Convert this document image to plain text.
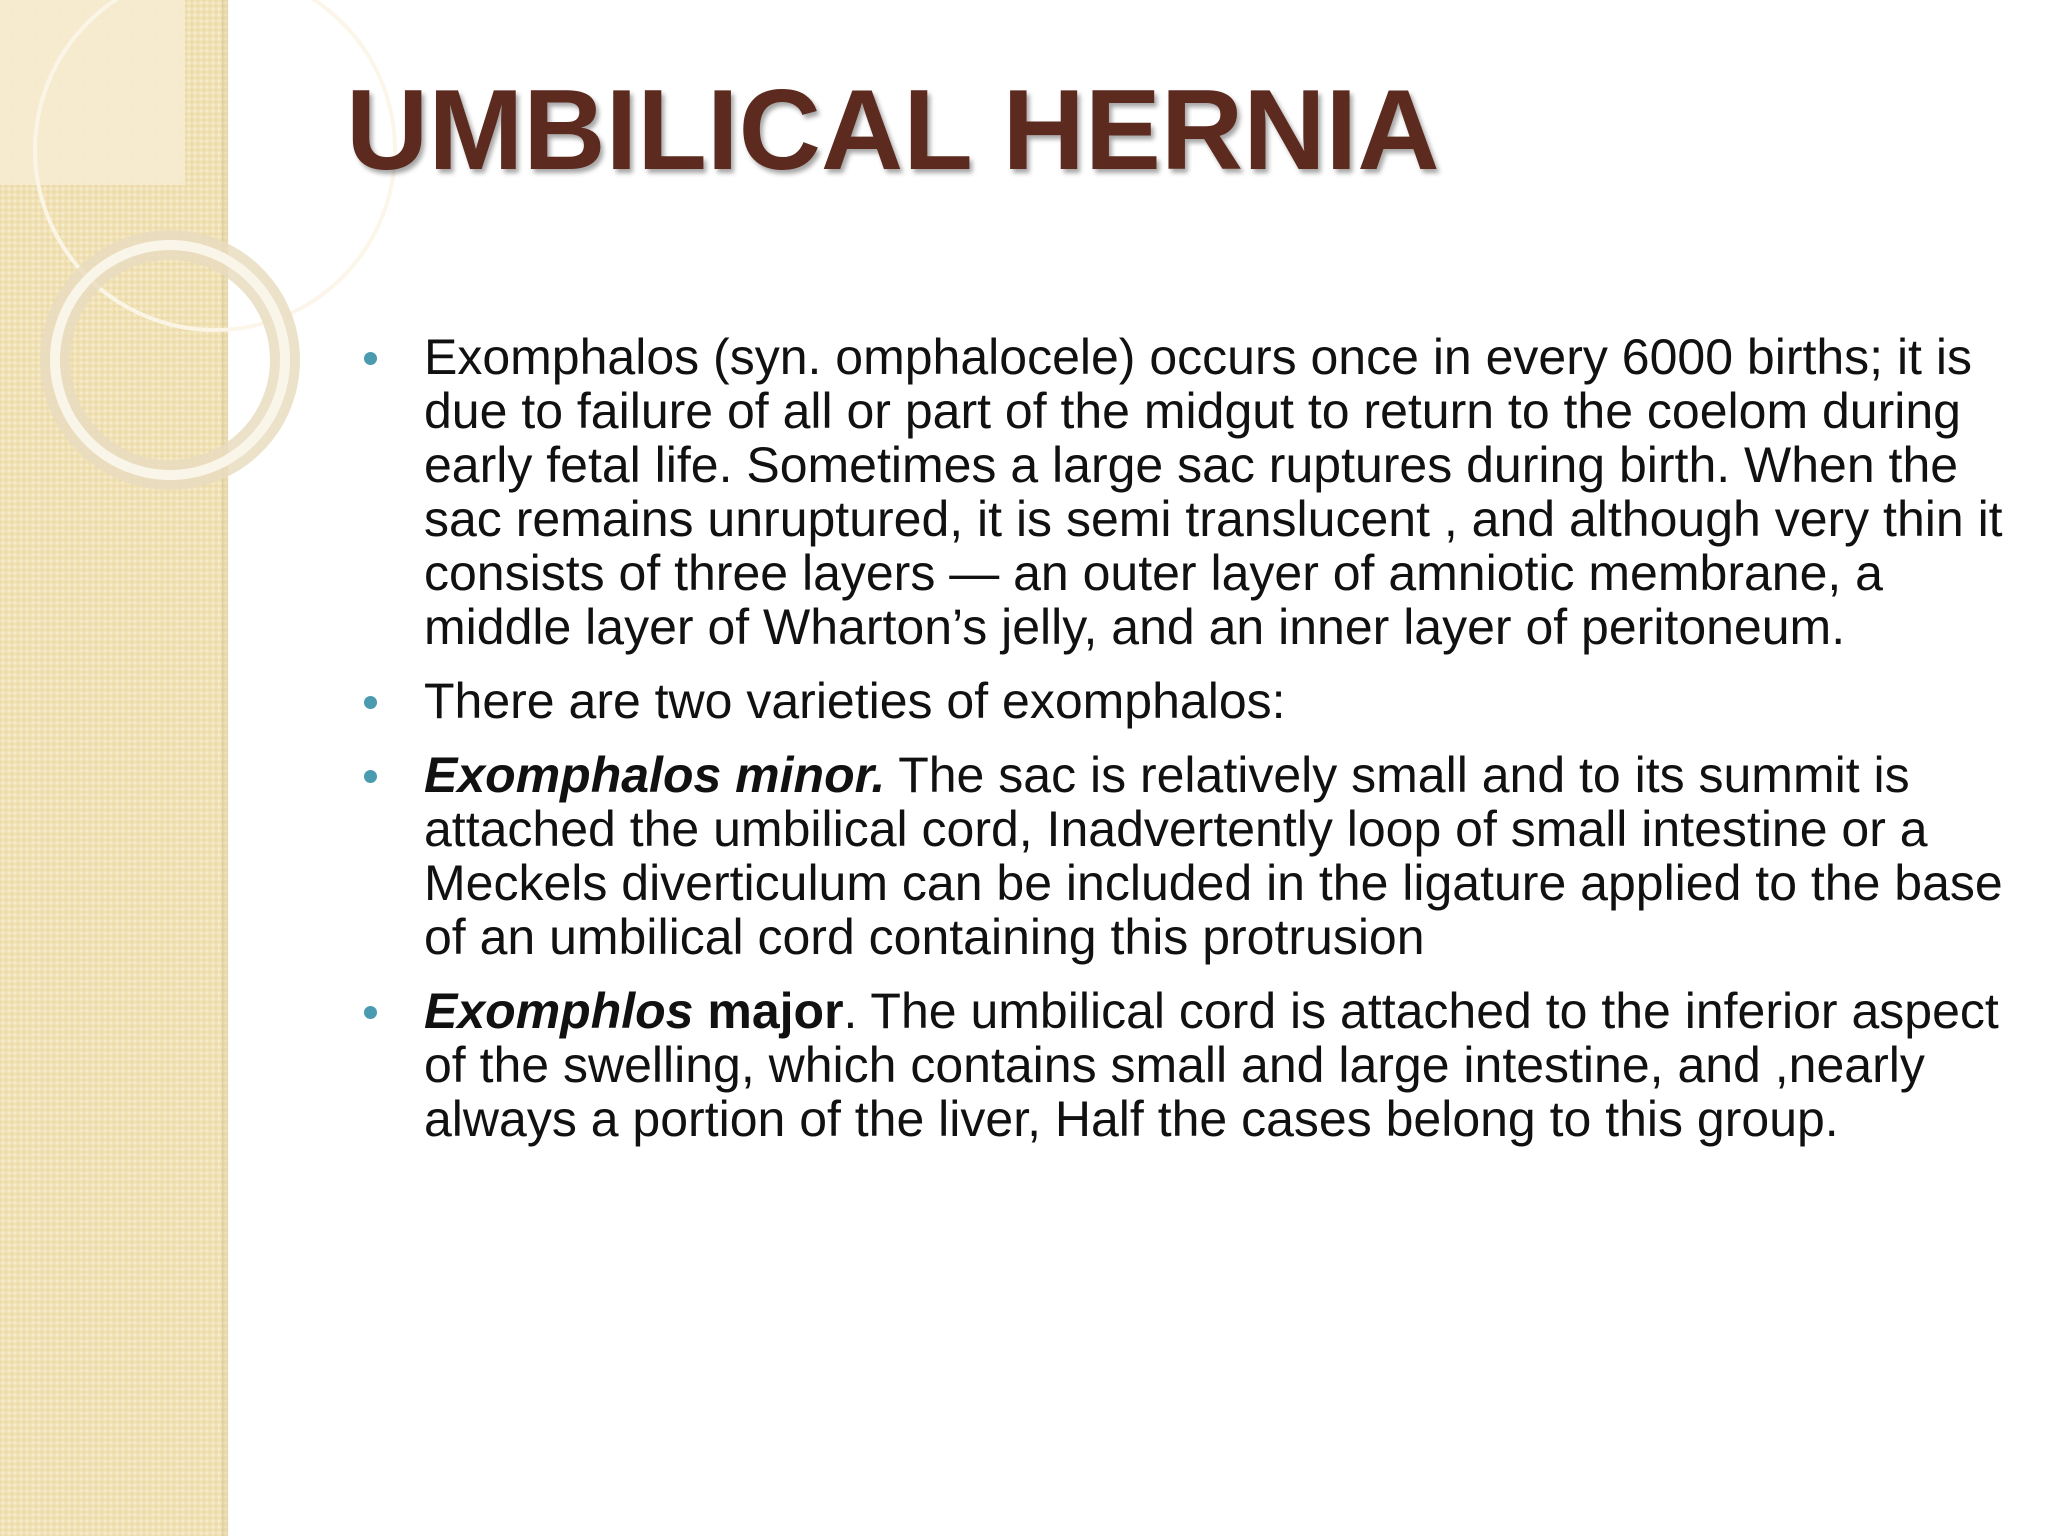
UMBILICAL HERNIA
Exomphalos (syn. omphalocele) occurs once in every 6000 births; it is due to failure of all or part of the midgut to return to the coelom during early fetal life. Sometimes a large sac ruptures during birth. When the sac remains unruptured, it is semi translucent , and although very thin it consists of three layers — an outer layer of amniotic membrane, a middle layer of Wharton’s jelly, and an inner layer of peritoneum.
There are two varieties of exomphalos:
Exomphalos minor. The sac is relatively small and to its summit is attached the umbilical cord, Inadvertently loop of small intestine or a Meckels diverticulum can be included in the ligature applied to the base of an umbilical cord containing this protrusion
Exomphlos major. The umbilical cord is attached to the inferior aspect of the swelling, which contains small and large intestine, and ,nearly always a portion of the liver, Half the cases belong to this group.
